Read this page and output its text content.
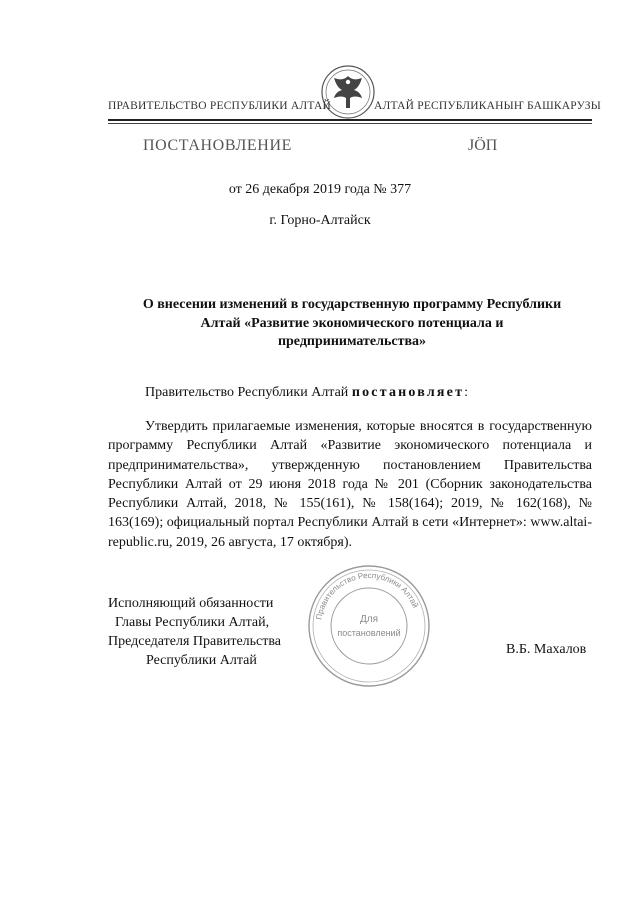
ПРАВИТЕЛЬСТВО РЕСПУБЛИКИ АЛТАЙ	АЛТАЙ РЕСПУБЛИКАНЫҤ БАШКАРУЗЫ
ПОСТАНОВЛЕНИЕ	ЈÖП
от 26 декабря 2019 года № 377
г. Горно-Алтайск
О внесении изменений в государственную программу Республики
Алтай «Развитие экономического потенциала и
предпринимательства»
Правительство Республики Алтай постановляет:
Утвердить прилагаемые изменения, которые вносятся в государственную программу Республики Алтай «Развитие экономического потенциала и предпринимательства», утвержденную постановлением Правительства Республики Алтай от 29 июня 2018 года № 201 (Сборник законодательства Республики Алтай, 2018, № 155(161), № 158(164); 2019, № 162(168), № 163(169); официальный портал Республики Алтай в сети «Интернет»: www.altai-republic.ru, 2019, 26 августа, 17 октября).
Исполняющий обязанности
Главы Республики Алтай,
Председателя Правительства
Республики Алтай
В.Б. Махалов
Правительство Республики Алтай
Для
постановлений
